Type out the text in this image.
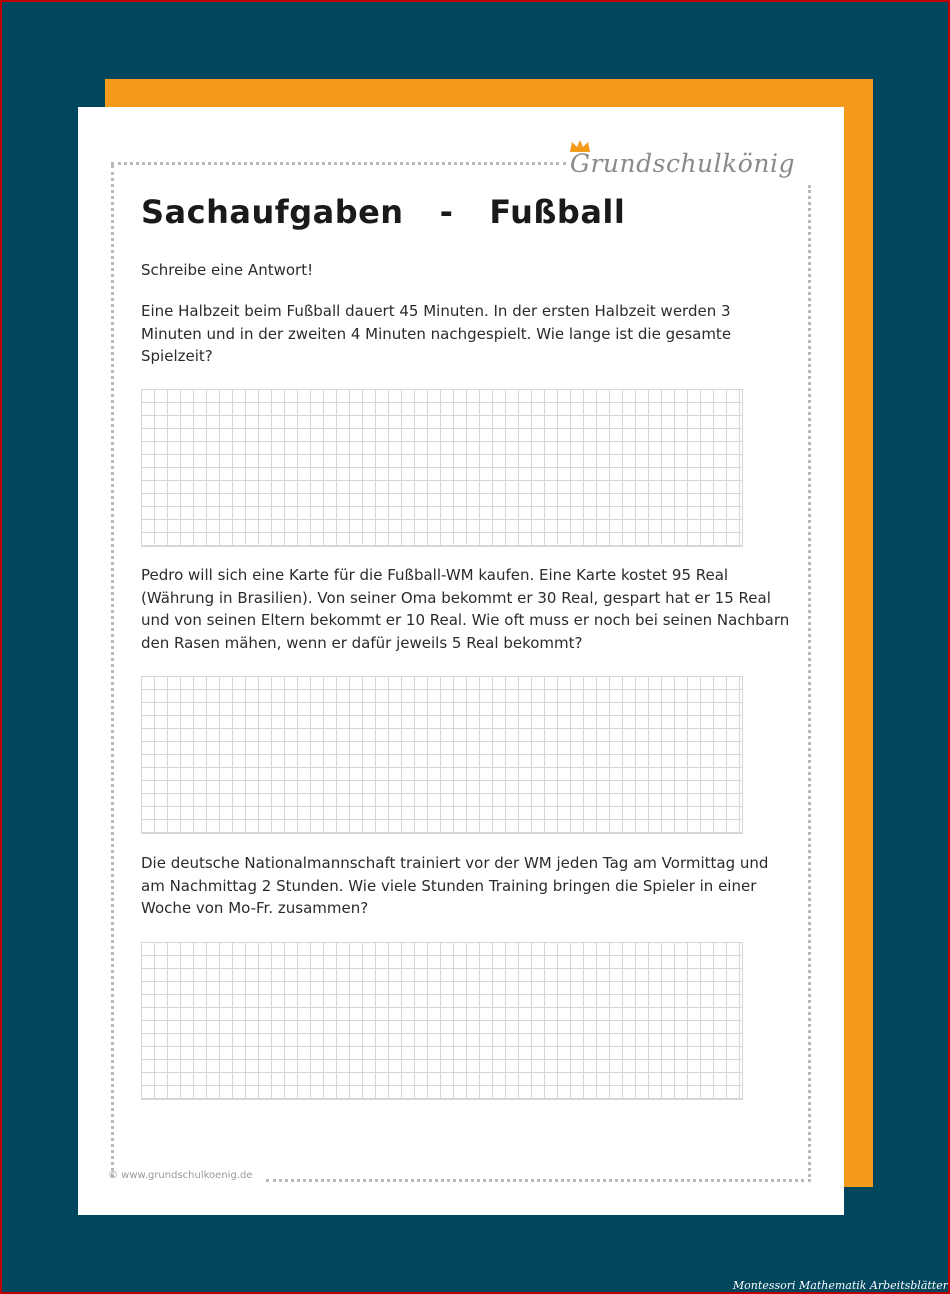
Grundschulkönig
Sachaufgaben - Fußball
Schreibe eine Antwort!
Eine Halbzeit beim Fußball dauert 45 Minuten. In der ersten Halbzeit werden 3 Minuten und in der zweiten 4 Minuten nachgespielt. Wie lange ist die gesamte Spielzeit?
Pedro will sich eine Karte für die Fußball-WM kaufen. Eine Karte kostet 95 Real (Währung in Brasilien). Von seiner Oma bekommt er 30 Real, gespart hat er 15 Real und von seinen Eltern bekommt er 10 Real. Wie oft muss er noch bei seinen Nachbarn den Rasen mähen, wenn er dafür jeweils 5 Real bekommt?
Die deutsche Nationalmannschaft trainiert vor der WM jeden Tag am Vormittag und am Nachmittag 2 Stunden. Wie viele Stunden Training bringen die Spieler in einer Woche von Mo-Fr. zusammen?
© www.grundschulkoenig.de
Montessori Mathematik Arbeitsblätter
